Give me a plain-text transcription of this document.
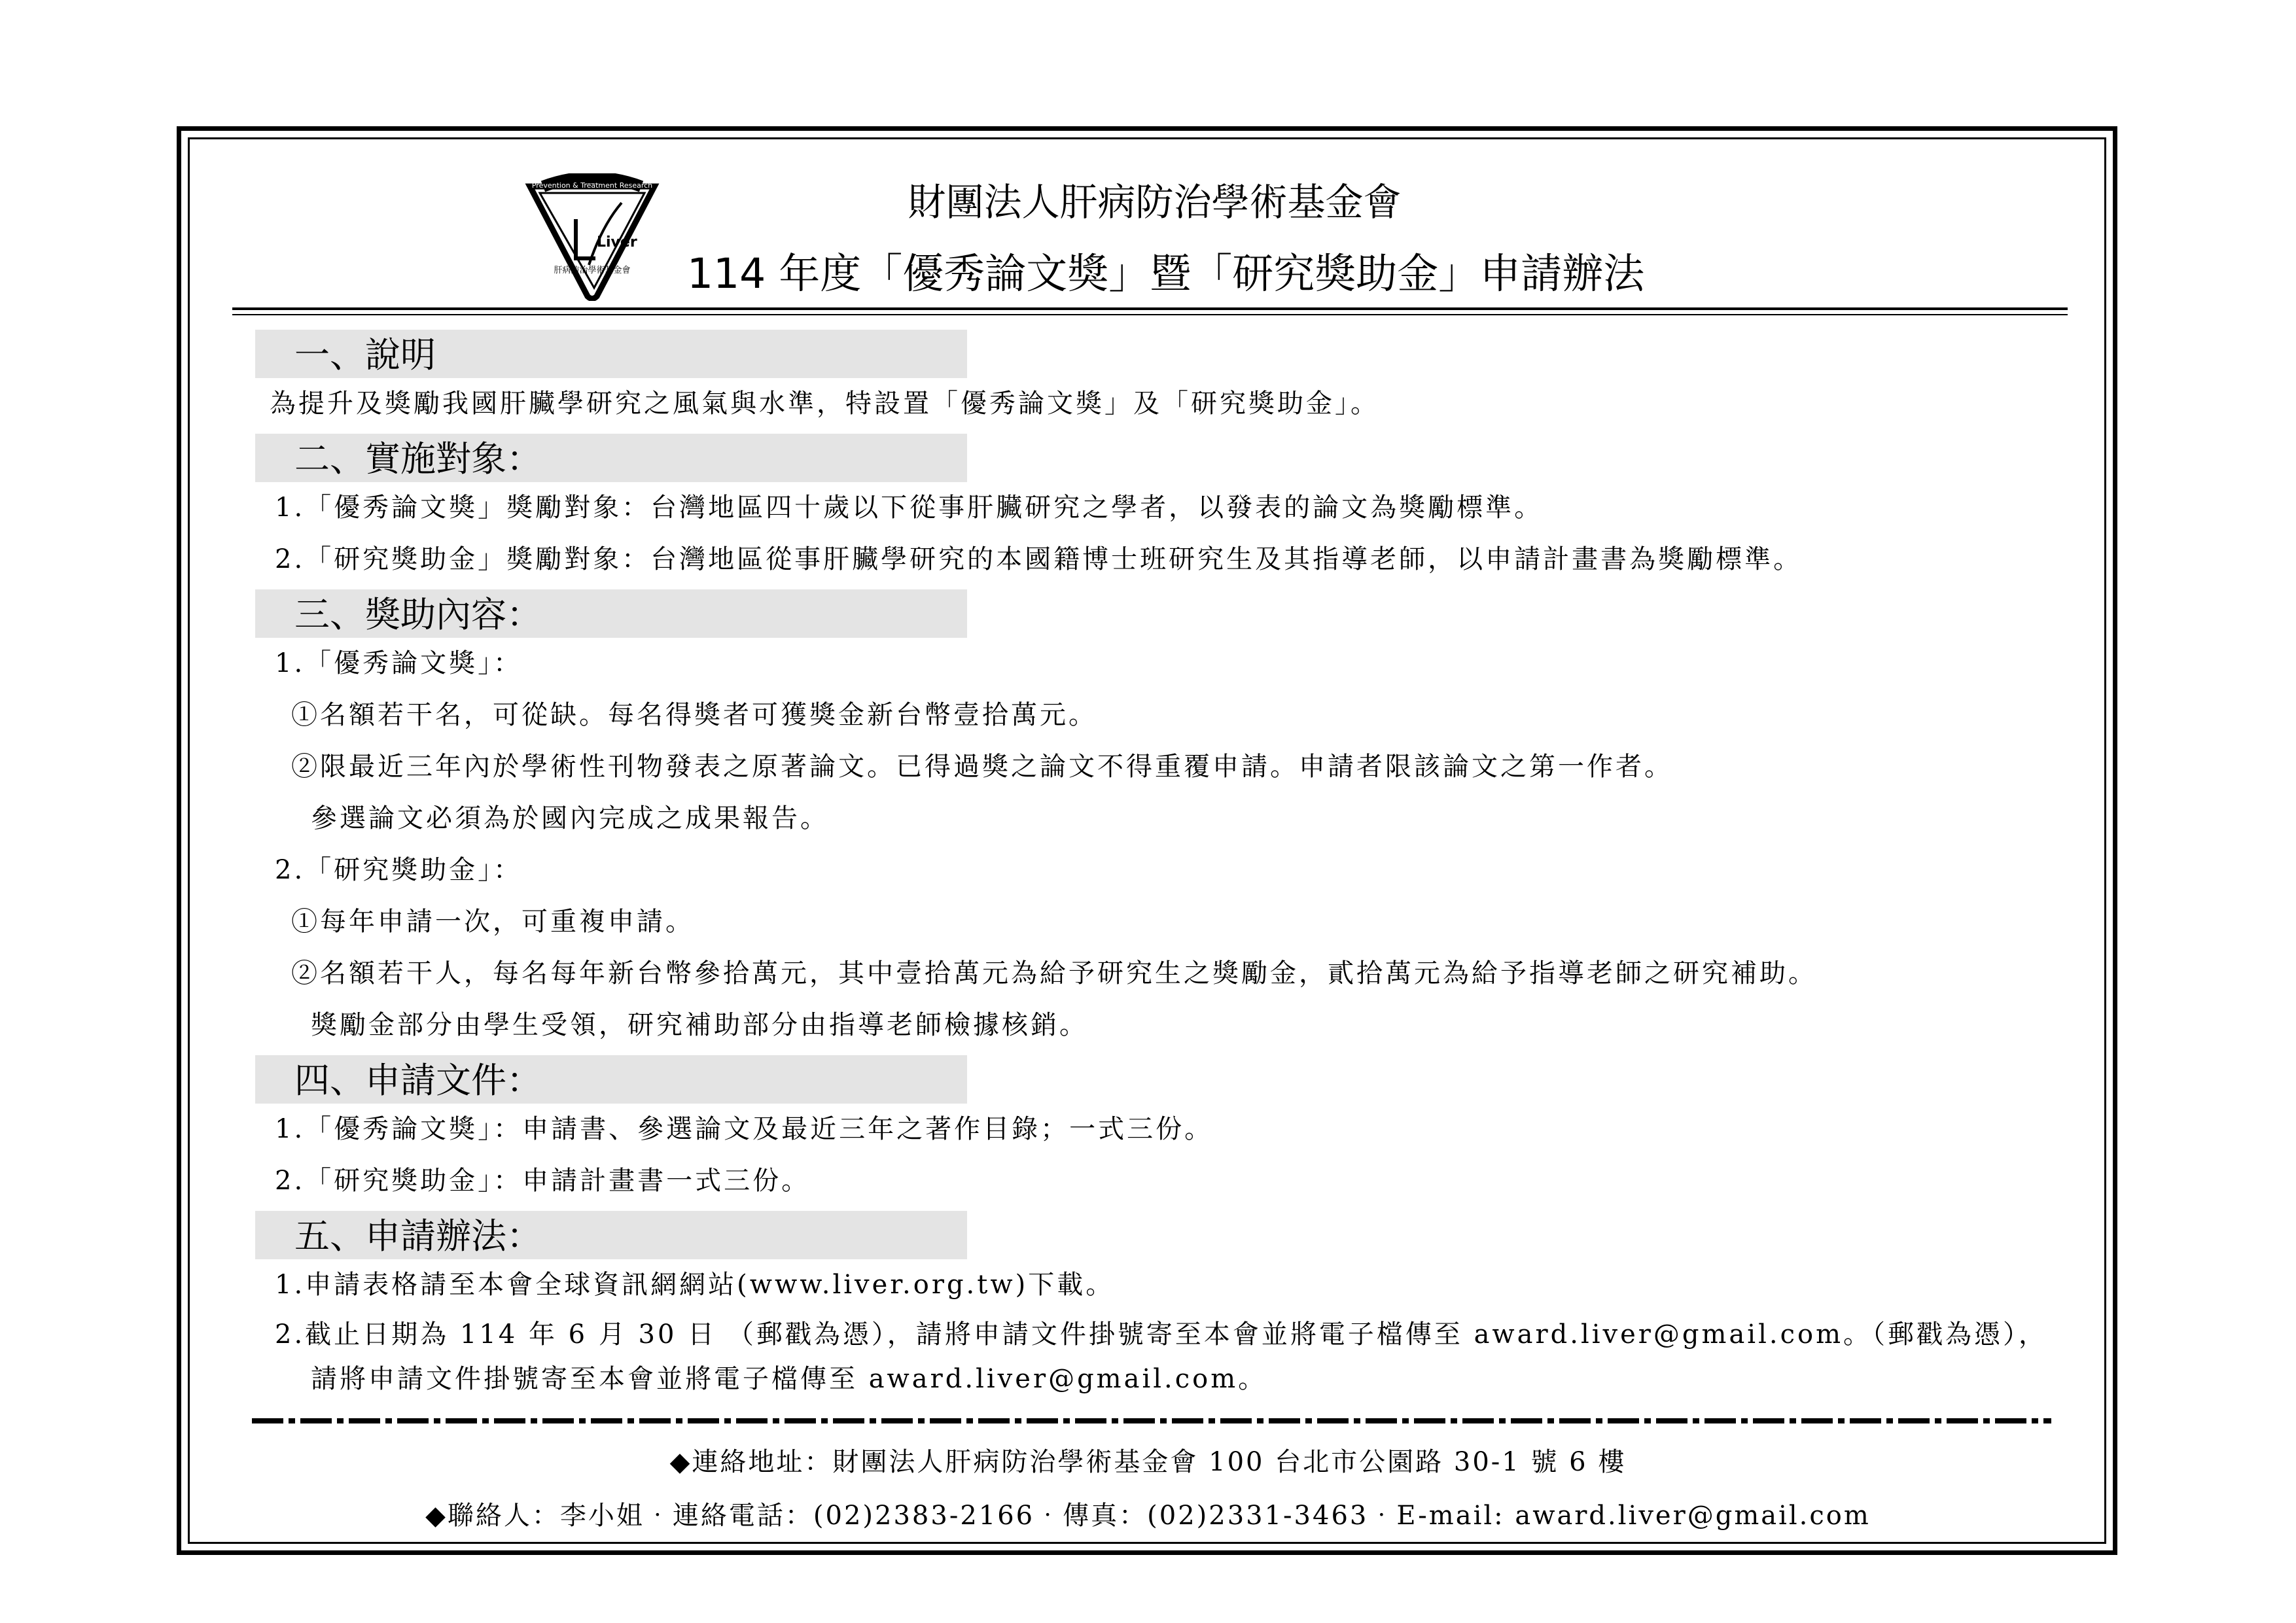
Prevention & Treatment Research
Liver
肝病防治學術基金會
財團法人肝病防治學術基金會
114 年度「優秀論文獎」暨「研究獎助金」申請辦法
一、說明
為提升及獎勵我國肝臟學研究之風氣與水準，特設置「優秀論文獎」及「研究獎助金」。
二、實施對象：
1.「優秀論文獎」獎勵對象：台灣地區四十歲以下從事肝臟研究之學者，以發表的論文為獎勵標準。
2.「研究獎助金」獎勵對象：台灣地區從事肝臟學研究的本國籍博士班研究生及其指導老師，以申請計畫書為獎勵標準。
三、獎助內容：
1.「優秀論文獎」：
①名額若干名，可從缺。每名得獎者可獲獎金新台幣壹拾萬元。
②限最近三年內於學術性刊物發表之原著論文。已得過獎之論文不得重覆申請。申請者限該論文之第一作者。
參選論文必須為於國內完成之成果報告。
2.「研究獎助金」：
①每年申請一次，可重複申請。
②名額若干人，每名每年新台幣參拾萬元，其中壹拾萬元為給予研究生之獎勵金，貳拾萬元為給予指導老師之研究補助。
獎勵金部分由學生受領，研究補助部分由指導老師檢據核銷。
四、申請文件：
1.「優秀論文獎」：申請書、參選論文及最近三年之著作目錄；一式三份。
2.「研究獎助金」：申請計畫書一式三份。
五、申請辦法：
1.申請表格請至本會全球資訊網網站(www.liver.org.tw)下載。
2.截止日期為 114 年 6 月 30 日 （郵戳為憑），請將申請文件掛號寄至本會並將電子檔傳至 award.liver@gmail.com。（郵戳為憑），
請將申請文件掛號寄至本會並將電子檔傳至 award.liver@gmail.com。
◆連絡地址：財團法人肝病防治學術基金會 100 台北市公園路 30-1 號 6 樓
◆聯絡人：李小姐‧連絡電話：(02)2383-2166‧傳真：(02)2331-3463‧E-mail: award.liver@gmail.com
